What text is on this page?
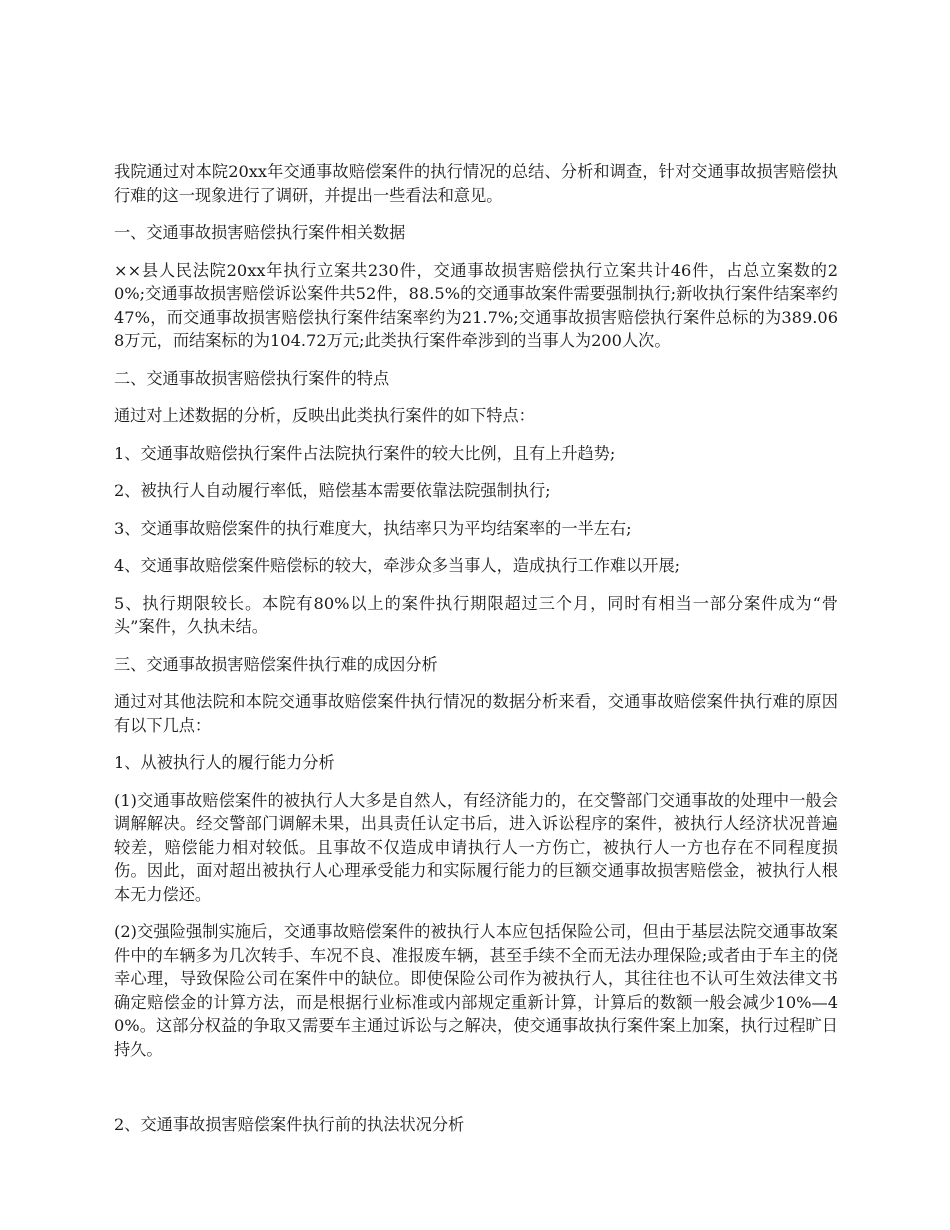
我院通过对本院20xx年交通事故赔偿案件的执行情况的总结、分析和调查，针对交通事故损害赔偿执行难的这一现象进行了调研，并提出一些看法和意见。

一、交通事故损害赔偿执行案件相关数据

××县人民法院20xx年执行立案共230件，交通事故损害赔偿执行立案共计46件，占总立案数的20%;交通事故损害赔偿诉讼案件共52件，88.5%的交通事故案件需要强制执行;新收执行案件结案率约47%，而交通事故损害赔偿执行案件结案率约为21.7%;交通事故损害赔偿执行案件总标的为389.068万元，而结案标的为104.72万元;此类执行案件牵涉到的当事人为200人次。

二、交通事故损害赔偿执行案件的特点

通过对上述数据的分析，反映出此类执行案件的如下特点：

1、交通事故赔偿执行案件占法院执行案件的较大比例，且有上升趋势;

2、被执行人自动履行率低，赔偿基本需要依靠法院强制执行;

3、交通事故赔偿案件的执行难度大，执结率只为平均结案率的一半左右;

4、交通事故赔偿案件赔偿标的较大，牵涉众多当事人，造成执行工作难以开展;

5、执行期限较长。本院有80%以上的案件执行期限超过三个月，同时有相当一部分案件成为“骨头”案件，久执未结。

三、交通事故损害赔偿案件执行难的成因分析

通过对其他法院和本院交通事故赔偿案件执行情况的数据分析来看，交通事故赔偿案件执行难的原因有以下几点：

1、从被执行人的履行能力分析

(1)交通事故赔偿案件的被执行人大多是自然人，有经济能力的，在交警部门交通事故的处理中一般会调解解决。经交警部门调解未果，出具责任认定书后，进入诉讼程序的案件，被执行人经济状况普遍较差，赔偿能力相对较低。且事故不仅造成申请执行人一方伤亡，被执行人一方也存在不同程度损伤。因此，面对超出被执行人心理承受能力和实际履行能力的巨额交通事故损害赔偿金，被执行人根本无力偿还。

(2)交强险强制实施后，交通事故赔偿案件的被执行人本应包括保险公司，但由于基层法院交通事故案件中的车辆多为几次转手、车况不良、准报废车辆，甚至手续不全而无法办理保险;或者由于车主的侥幸心理，导致保险公司在案件中的缺位。即使保险公司作为被执行人，其往往也不认可生效法律文书确定赔偿金的计算方法，而是根据行业标准或内部规定重新计算，计算后的数额一般会减少10%—40%。这部分权益的争取又需要车主通过诉讼与之解决，使交通事故执行案件案上加案，执行过程旷日持久。

2、交通事故损害赔偿案件执行前的执法状况分析
